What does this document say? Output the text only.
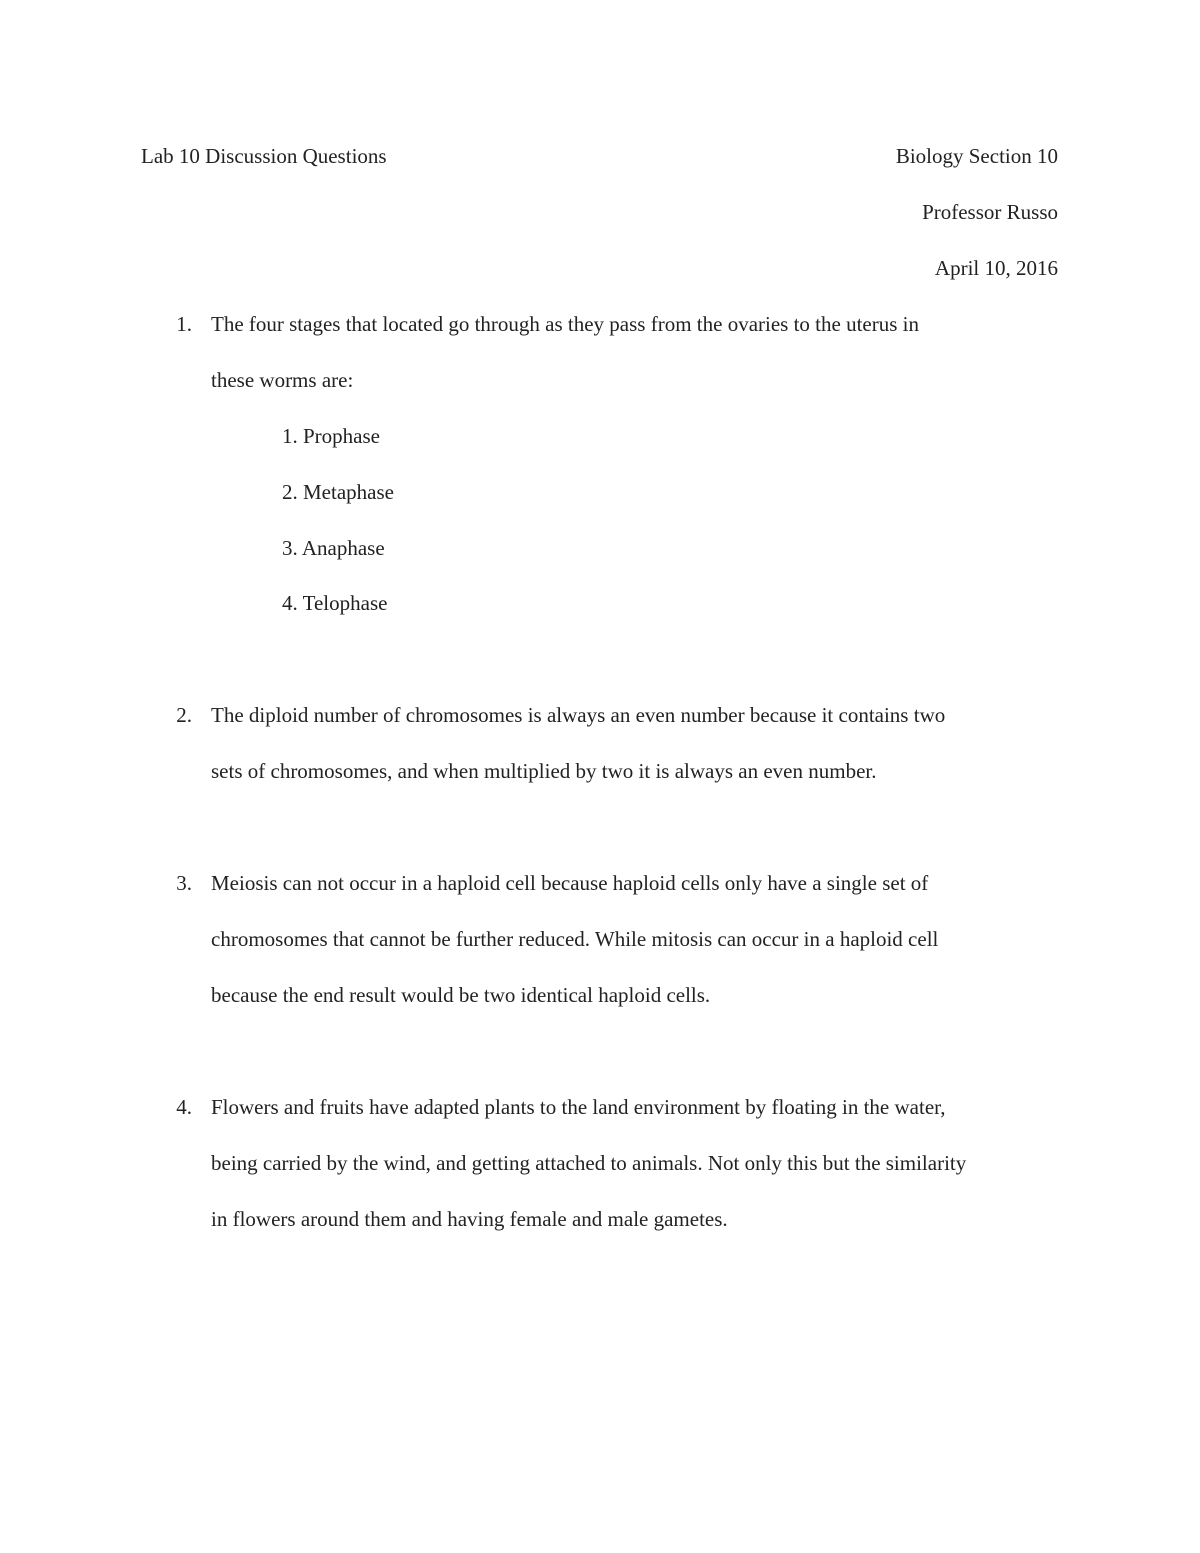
Lab 10 Discussion Questions	Biology Section 10
Professor Russo
April 10, 2016
1. The four stages that located go through as they pass from the ovaries to the uterus in
these worms are:
1. Prophase
2. Metaphase
3. Anaphase
4. Telophase
2. The diploid number of chromosomes is always an even number because it contains two
sets of chromosomes, and when multiplied by two it is always an even number.
3. Meiosis can not occur in a haploid cell because haploid cells only have a single set of
chromosomes that cannot be further reduced. While mitosis can occur in a haploid cell
because the end result would be two identical haploid cells.
4. Flowers and fruits have adapted plants to the land environment by floating in the water,
being carried by the wind, and getting attached to animals. Not only this but the similarity
in flowers around them and having female and male gametes.
